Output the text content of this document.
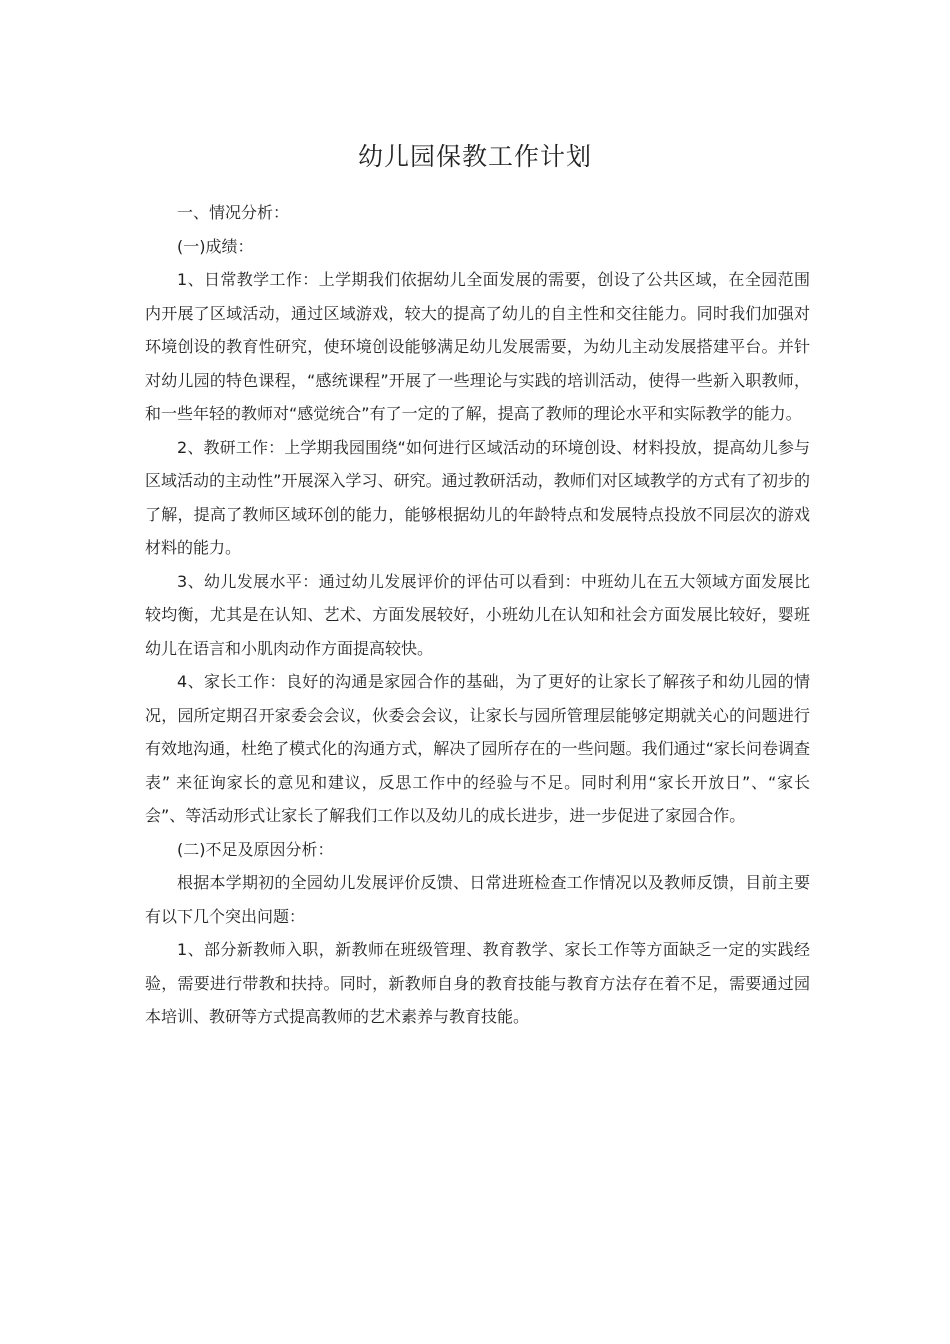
幼儿园保教工作计划

一、情况分析：

(一)成绩：

1、日常教学工作：上学期我们依据幼儿全面发展的需要，创设了公共区域，在全园范围内开展了区域活动，通过区域游戏，较大的提高了幼儿的自主性和交往能力。同时我们加强对环境创设的教育性研究，使环境创设能够满足幼儿发展需要，为幼儿主动发展搭建平台。并针对幼儿园的特色课程，“感统课程”开展了一些理论与实践的培训活动，使得一些新入职教师，和一些年轻的教师对“感觉统合”有了一定的了解，提高了教师的理论水平和实际教学的能力。

2、教研工作：上学期我园围绕“如何进行区域活动的环境创设、材料投放，提高幼儿参与区域活动的主动性”开展深入学习、研究。通过教研活动，教师们对区域教学的方式有了初步的了解，提高了教师区域环创的能力，能够根据幼儿的年龄特点和发展特点投放不同层次的游戏材料的能力。

3、幼儿发展水平：通过幼儿发展评价的评估可以看到：中班幼儿在五大领域方面发展比较均衡，尤其是在认知、艺术、方面发展较好，小班幼儿在认知和社会方面发展比较好，婴班幼儿在语言和小肌肉动作方面提高较快。

4、家长工作：良好的沟通是家园合作的基础，为了更好的让家长了解孩子和幼儿园的情况，园所定期召开家委会会议，伙委会会议，让家长与园所管理层能够定期就关心的问题进行有效地沟通，杜绝了模式化的沟通方式，解决了园所存在的一些问题。我们通过“家长问卷调查表” 来征询家长的意见和建议，反思工作中的经验与不足。同时利用“家长开放日”、“家长会”、等活动形式让家长了解我们工作以及幼儿的成长进步，进一步促进了家园合作。

(二)不足及原因分析：

根据本学期初的全园幼儿发展评价反馈、日常进班检查工作情况以及教师反馈，目前主要有以下几个突出问题：

1、部分新教师入职，新教师在班级管理、教育教学、家长工作等方面缺乏一定的实践经验，需要进行带教和扶持。同时，新教师自身的教育技能与教育方法存在着不足，需要通过园本培训、教研等方式提高教师的艺术素养与教育技能。
